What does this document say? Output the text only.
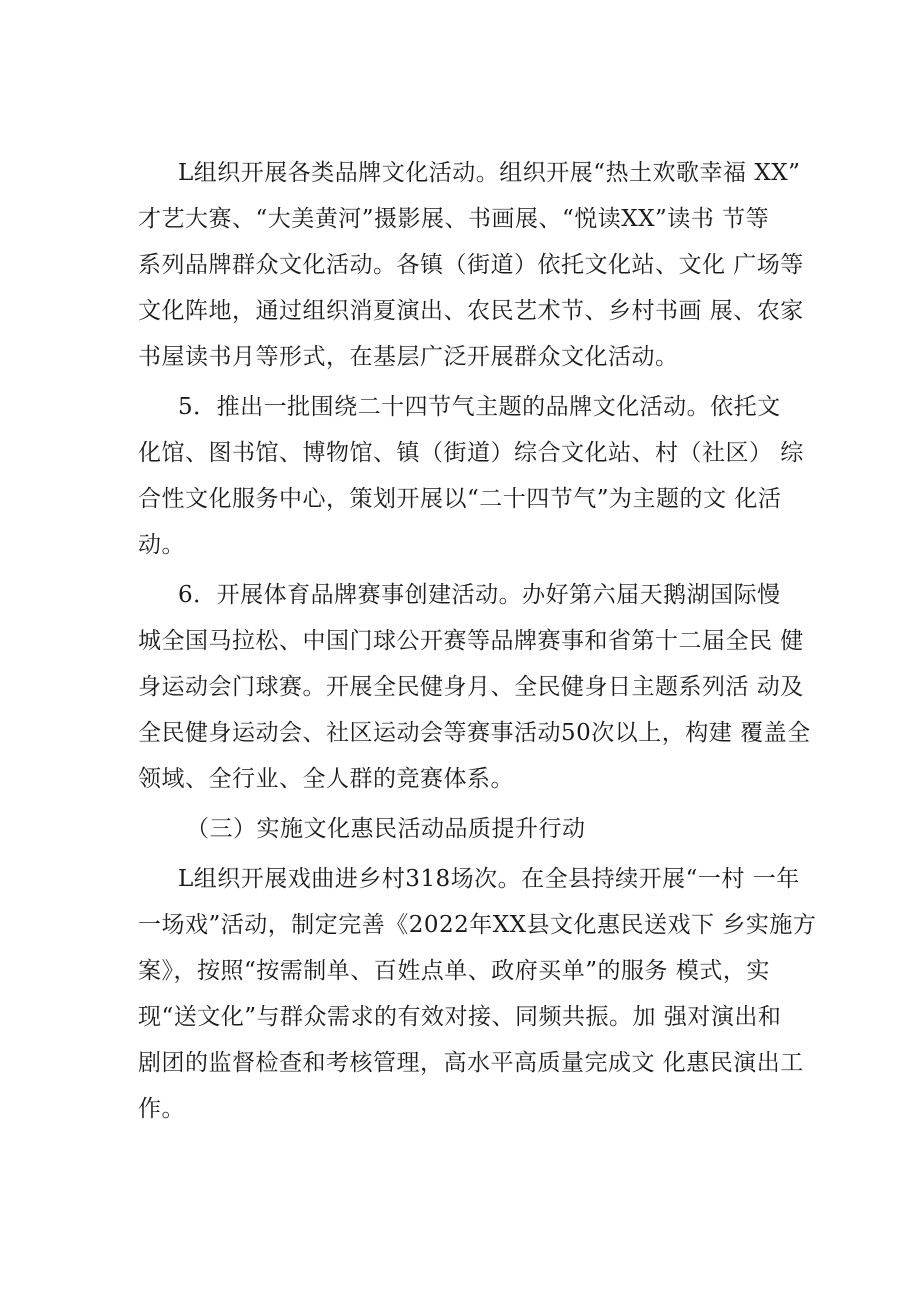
L组织开展各类品牌文化活动。组织开展“热土欢歌幸福 XX”
才艺大赛、“大美黄河”摄影展、书画展、“悦读XX”读书 节等
系列品牌群众文化活动。各镇（街道）依托文化站、文化 广场等
文化阵地，通过组织消夏演出、农民艺术节、乡村书画 展、农家
书屋读书月等形式，在基层广泛开展群众文化活动。
5．推出一批围绕二十四节气主题的品牌文化活动。依托文
化馆、图书馆、博物馆、镇（街道）综合文化站、村（社区） 综
合性文化服务中心，策划开展以“二十四节气”为主题的文 化活
动。
6．开展体育品牌赛事创建活动。办好第六届天鹅湖国际慢
城全国马拉松、中国门球公开赛等品牌赛事和省第十二届全民 健
身运动会门球赛。开展全民健身月、全民健身日主题系列活 动及
全民健身运动会、社区运动会等赛事活动50次以上，构建 覆盖全
领域、全行业、全人群的竞赛体系。
（三）实施文化惠民活动品质提升行动
L组织开展戏曲进乡村318场次。在全县持续开展“一村 一年
一场戏”活动，制定完善《2022年XX县文化惠民送戏下 乡实施方
案》，按照“按需制单、百姓点单、政府买单”的服务 模式，实
现“送文化”与群众需求的有效对接、同频共振。加 强对演出和
剧团的监督检查和考核管理，高水平高质量完成文 化惠民演出工
作。
